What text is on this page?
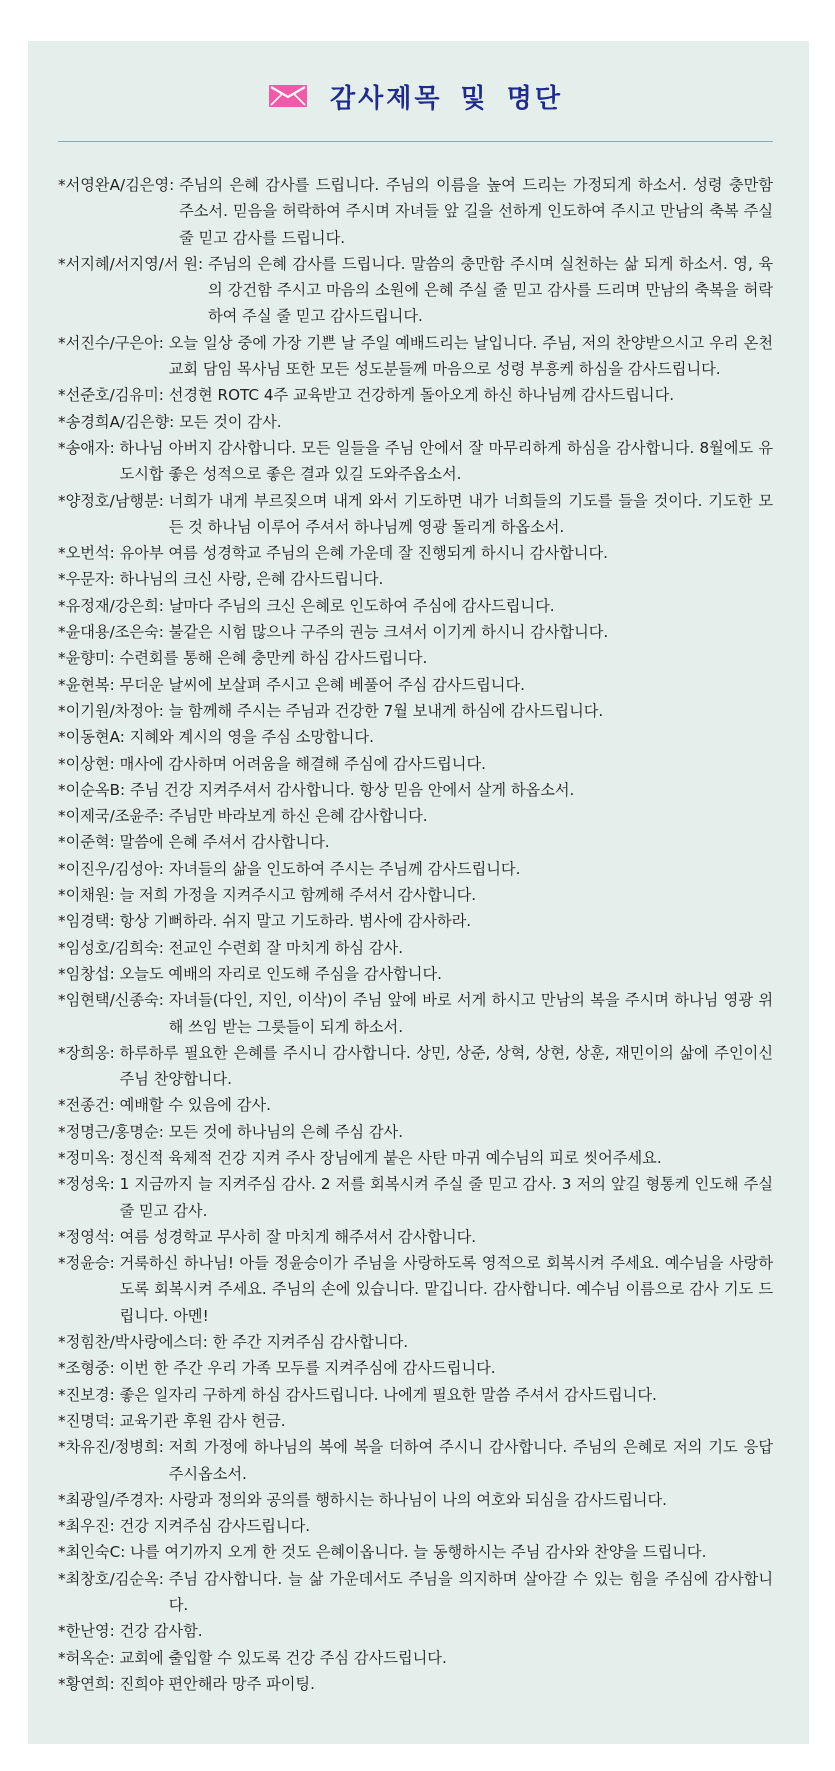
감사제목 및 명단
*서영완A/김은영:
주님의 은혜 감사를 드립니다. 주님의 이름을 높여 드리는 가정되게 하소서. 성령 충만함 주소서. 믿음을 허락하여 주시며 자녀들 앞 길을 선하게 인도하여 주시고 만남의 축복 주실 줄 믿고 감사를 드립니다.
*서지혜/서지영/서 원:
주님의 은혜 감사를 드립니다. 말씀의 충만함 주시며 실천하는 삶 되게 하소서. 영, 육의 강건함 주시고 마음의 소원에 은혜 주실 줄 믿고 감사를 드리며 만남의 축복을 허락하여 주실 줄 믿고 감사드립니다.
*서진수/구은아:
오늘 일상 중에 가장 기쁜 날 주일 예배드리는 날입니다. 주님, 저의 찬양받으시고 우리 온천교회 담임 목사님 또한 모든 성도분들께 마음으로 성령 부흥케 하심을 감사드립니다.
*선준호/김유미:
선경현 ROTC 4주 교육받고 건강하게 돌아오게 하신 하나님께 감사드립니다.
*송경희A/김은향:
모든 것이 감사.
*송애자:
하나님 아버지 감사합니다. 모든 일들을 주님 안에서 잘 마무리하게 하심을 감사합니다. 8월에도 유도시합 좋은 성적으로 좋은 결과 있길 도와주옵소서.
*양정호/남행분:
너희가 내게 부르짖으며 내게 와서 기도하면 내가 너희들의 기도를 들을 것이다. 기도한 모든 것 하나님 이루어 주셔서 하나님께 영광 돌리게 하옵소서.
*오번석:
유아부 여름 성경학교 주님의 은혜 가운데 잘 진행되게 하시니 감사합니다.
*우문자:
하나님의 크신 사랑, 은혜 감사드립니다.
*유정재/강은희:
날마다 주님의 크신 은혜로 인도하여 주심에 감사드립니다.
*윤대용/조은숙:
불같은 시험 많으나 구주의 권능 크셔서 이기게 하시니 감사합니다.
*윤향미:
수련회를 통해 은혜 충만케 하심 감사드립니다.
*윤현복:
무더운 날씨에 보살펴 주시고 은혜 베풀어 주심 감사드립니다.
*이기원/차정아:
늘 함께해 주시는 주님과 건강한 7월 보내게 하심에 감사드립니다.
*이동현A:
지혜와 계시의 영을 주심 소망합니다.
*이상현:
매사에 감사하며 어려움을 해결해 주심에 감사드립니다.
*이순옥B:
주님 건강 지켜주셔서 감사합니다. 항상 믿음 안에서 살게 하옵소서.
*이제국/조윤주:
주님만 바라보게 하신 은혜 감사합니다.
*이준혁:
말씀에 은혜 주셔서 감사합니다.
*이진우/김성아:
자녀들의 삶을 인도하여 주시는 주님께 감사드립니다.
*이채원:
늘 저희 가정을 지켜주시고 함께해 주셔서 감사합니다.
*임경택:
항상 기뻐하라. 쉬지 말고 기도하라. 범사에 감사하라.
*임성호/김희숙:
전교인 수련회 잘 마치게 하심 감사.
*임창섭:
오늘도 예배의 자리로 인도해 주심을 감사합니다.
*임현택/신종숙:
자녀들(다인, 지인, 이삭)이 주님 앞에 바로 서게 하시고 만남의 복을 주시며 하나님 영광 위해 쓰임 받는 그릇들이 되게 하소서.
*장희옹:
하루하루 필요한 은혜를 주시니 감사합니다. 상민, 상준, 상혁, 상현, 상훈, 재민이의 삶에 주인이신 주님 찬양합니다.
*전종건:
예배할 수 있음에 감사.
*정명근/홍명순:
모든 것에 하나님의 은혜 주심 감사.
*정미옥:
정신적 육체적 건강 지켜 주사 장님에게 붙은 사탄 마귀 예수님의 피로 씻어주세요.
*정성욱:
1 지금까지 늘 지켜주심 감사. 2 저를 회복시켜 주실 줄 믿고 감사. 3 저의 앞길 형통케 인도해 주실 줄 믿고 감사.
*정영석:
여름 성경학교 무사히 잘 마치게 해주셔서 감사합니다.
*정윤승:
거룩하신 하나님! 아들 정윤승이가 주님을 사랑하도록 영적으로 회복시켜 주세요. 예수님을 사랑하도록 회복시켜 주세요. 주님의 손에 있습니다. 맡깁니다. 감사합니다. 예수님 이름으로 감사 기도 드립니다. 아멘!
*정힘찬/박사랑에스더:
한 주간 지켜주심 감사합니다.
*조형중:
이번 한 주간 우리 가족 모두를 지켜주심에 감사드립니다.
*진보경:
좋은 일자리 구하게 하심 감사드립니다. 나에게 필요한 말씀 주셔서 감사드립니다.
*진명덕:
교육기관 후원 감사 헌금.
*차유진/정병희:
저희 가정에 하나님의 복에 복을 더하여 주시니 감사합니다. 주님의 은혜로 저의 기도 응답 주시옵소서.
*최광일/주경자:
사랑과 정의와 공의를 행하시는 하나님이 나의 여호와 되심을 감사드립니다.
*최우진:
건강 지켜주심 감사드립니다.
*최인숙C:
나를 여기까지 오게 한 것도 은혜이옵니다. 늘 동행하시는 주님 감사와 찬양을 드립니다.
*최창호/김순옥:
주님 감사합니다. 늘 삶 가운데서도 주님을 의지하며 살아갈 수 있는 힘을 주심에 감사합니다.
*한난영:
건강 감사함.
*허옥순:
교회에 출입할 수 있도록 건강 주심 감사드립니다.
*황연희:
진희야 편안해라 망주 파이팅.
